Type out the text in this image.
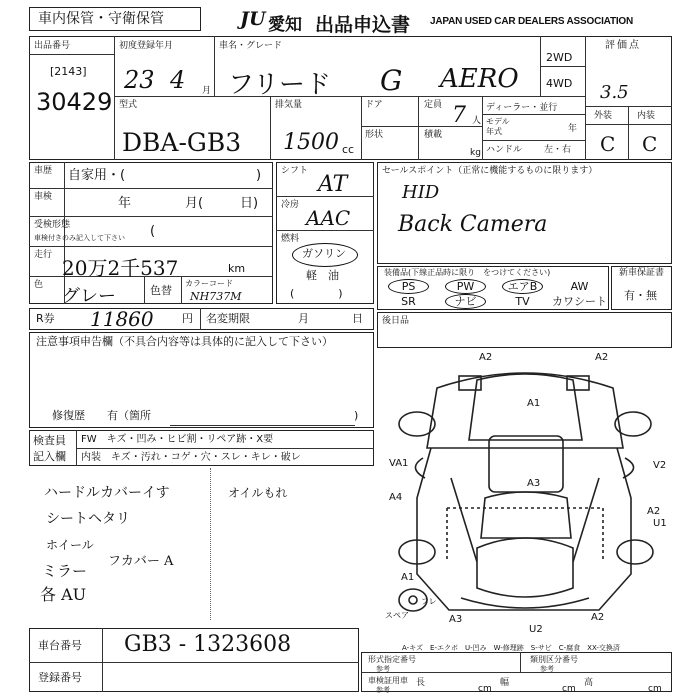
車内保管・守衛保管	JU 愛知 出品申込書 JAPAN USED CAR DEALERS ASSOCIATION
出品番号
[2143]
30429
初度登録年月
23 4 月
車名・グレード
フリード G AERO
2WD
4WD
評価点
3.5
型式
DBA-GB3
排気量
1500 cc
ドア
形状
定員 7 人
積載
kg
ディーラー・並行
モデル
年式	年
ハンドル 左・右
外装	内装
C C
車歴 自家用・(	)
車検	年	月(	日)
受検形態
車検付きのみ記入して下さい (
走行
20万2千537	km
色
グレー	色替
カラーコード
NH737M
シフト
AT
冷房
AAC
燃料
ガソリン
軽　油
(　　　　)
セールスポイント（正常に機能するものに限ります）
HID
Back Camera
装備品(下線正品時に限り　をつけてください)
PS	PW	エアB	AW
SR	ナビ	TV	カワシート
新車保証書
有・無
R券 11860	円 名変期限	月	日 後日品
注意事項申告欄（不具合内容等は具体的に記入して下さい）
修復歴　　有（箇所	)
検査員
記入欄
FW　キズ・凹み・ヒビ割・リペア跡・X要
内装　キズ・汚れ・コゲ・穴・スレ・キレ・破レ
ハードルカバーイす
シートヘタリ
ホイール
ミラー
各 AU
フカバー A
オイルもれ
A2	A2
A1
A3
VA1	V2
A4
A2
U1
A1
A3
U2
A2
スペア
フレ
A-キズ　E-エクボ　U-凹み　W-修理跡　S-サビ　C-腐食　XX-交換済
形式指定番号
参考
類別区分番号
参考
車検証用車
参考
長
cm
幅
cm
高
cm
車台番号 GB3 - 1323608
登録番号
